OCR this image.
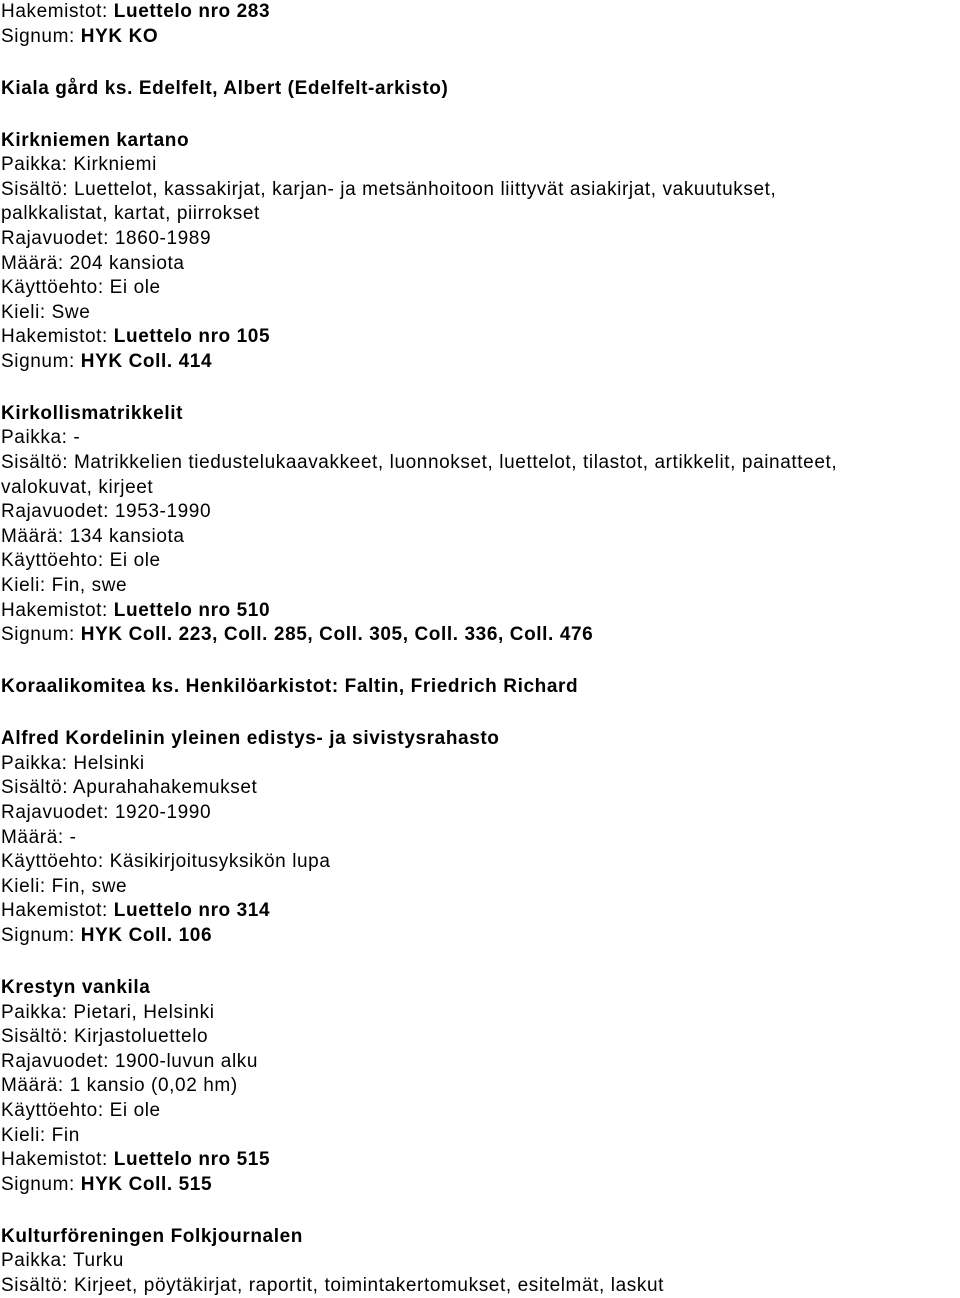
Hakemistot: Luettelo nro 283
Signum: HYK KO
Kiala gård ks. Edelfelt, Albert (Edelfelt-arkisto)
Kirkniemen kartano
Paikka: Kirkniemi
Sisältö: Luettelot, kassakirjat, karjan- ja metsänhoitoon liittyvät asiakirjat, vakuutukset,
palkkalistat, kartat, piirrokset
Rajavuodet: 1860-1989
Määrä: 204 kansiota
Käyttöehto: Ei ole
Kieli: Swe
Hakemistot: Luettelo nro 105
Signum: HYK Coll. 414
Kirkollismatrikkelit
Paikka: -
Sisältö: Matrikkelien tiedustelukaavakkeet, luonnokset, luettelot, tilastot, artikkelit, painatteet,
valokuvat, kirjeet
Rajavuodet: 1953-1990
Määrä: 134 kansiota
Käyttöehto: Ei ole
Kieli: Fin, swe
Hakemistot: Luettelo nro 510
Signum: HYK Coll. 223, Coll. 285, Coll. 305, Coll. 336, Coll. 476
Koraalikomitea ks. Henkilöarkistot: Faltin, Friedrich Richard
Alfred Kordelinin yleinen edistys- ja sivistysrahasto
Paikka: Helsinki
Sisältö: Apurahahakemukset
Rajavuodet: 1920-1990
Määrä: -
Käyttöehto: Käsikirjoitusyksikön lupa
Kieli: Fin, swe
Hakemistot: Luettelo nro 314
Signum: HYK Coll. 106
Krestyn vankila
Paikka: Pietari, Helsinki
Sisältö: Kirjastoluettelo
Rajavuodet: 1900-luvun alku
Määrä: 1 kansio (0,02 hm)
Käyttöehto: Ei ole
Kieli: Fin
Hakemistot: Luettelo nro 515
Signum: HYK Coll. 515
Kulturföreningen Folkjournalen
Paikka: Turku
Sisältö: Kirjeet, pöytäkirjat, raportit, toimintakertomukset, esitelmät, laskut
